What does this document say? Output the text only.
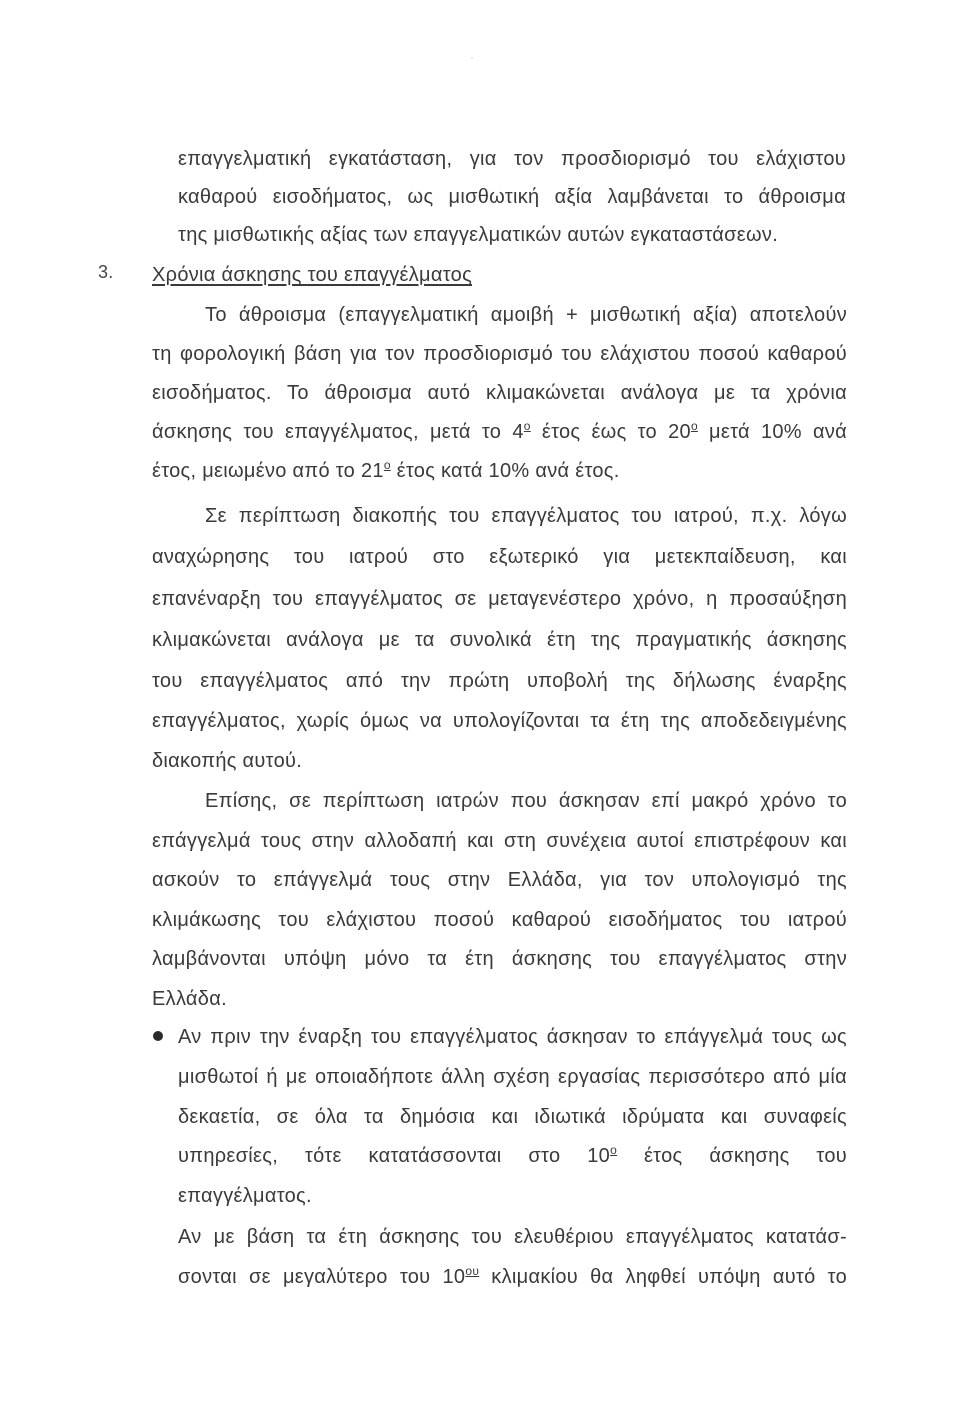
·
επαγγελματική εγκατάσταση, για τον προσδιορισμό του ελάχιστου
καθαρού εισοδήματος, ως μισθωτική αξία λαμβάνεται το άθροισμα
της μισθωτικής αξίας των επαγγελματικών αυτών εγκαταστάσεων.
3. Χρόνια άσκησης του επαγγέλματος
Το άθροισμα (επαγγελματική αμοιβή + μισθωτική αξία) αποτελούν
τη φορολογική βάση για τον προσδιορισμό του ελάχιστου ποσού καθαρού
εισοδήματος. Το άθροισμα αυτό κλιμακώνεται ανάλογα με τα χρόνια
άσκησης του επαγγέλματος, μετά το $4^o$ έτος έως το $20^o$ μετά 10% ανά
έτος, μειωμένο από το $21^o$ έτος κατά 10% ανά έτος.
Σε περίπτωση διακοπής του επαγγέλματος του ιατρού, π.χ. λόγω
αναχώρησης του ιατρού στο εξωτερικό για μετεκπαίδευση, και
επανέναρξη του επαγγέλματος σε μεταγενέστερο χρόνο, η προσαύξηση
κλιμακώνεται ανάλογα με τα συνολικά έτη της πραγματικής άσκησης
του επαγγέλματος από την πρώτη υποβολή της δήλωσης έναρξης
επαγγέλματος, χωρίς όμως να υπολογίζονται τα έτη της αποδεδειγμένης
διακοπής αυτού.
Επίσης, σε περίπτωση ιατρών που άσκησαν επί μακρό χρόνο το
επάγγελμά τους στην αλλοδαπή και στη συνέχεια αυτοί επιστρέφουν και
ασκούν το επάγγελμά τους στην Ελλάδα, για τον υπολογισμό της
κλιμάκωσης του ελάχιστου ποσού καθαρού εισοδήματος του ιατρού
λαμβάνονται υπόψη μόνο τα έτη άσκησης του επαγγέλματος στην
Ελλάδα.
Αν πριν την έναρξη του επαγγέλματος άσκησαν το επάγγελμά τους ως
μισθωτοί ή με οποιαδήποτε άλλη σχέση εργασίας περισσότερο από μία
δεκαετία, σε όλα τα δημόσια και ιδιωτικά ιδρύματα και συναφείς
υπηρεσίες, τότε κατατάσσονται στο $10^o$ έτος άσκησης του
επαγγέλματος.
Αν με βάση τα έτη άσκησης του ελευθέριου επαγγέλματος κατατάσ-
σονται σε μεγαλύτερο του $10^{o\upsilon}$ κλιμακίου θα ληφθεί υπόψη αυτό το
